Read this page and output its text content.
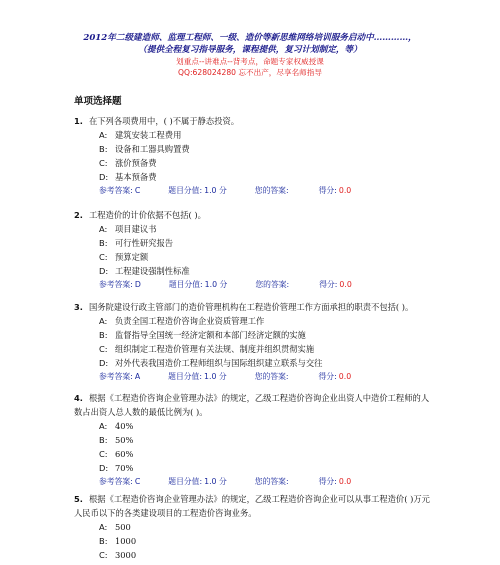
2012年二级建造师、监理工程师、一级、造价等新思维网络培训服务启动中…………，
（提供全程复习指导服务，课程提供，复习计划制定，等）
划重点--讲难点--背考点，命题专家权威授课
QQ:628024280 忘不出产，尽享名师指导
单项选择题
1. 在下列各项费用中，( )不属于静态投资。
A: 建筑安装工程费用
B: 设备和工器具购置费
C: 涨价预备费
D: 基本预备费
参考答案: C	题目分值: 1.0 分	您的答案:	得分: 0.0
2. 工程造价的计价依据不包括( )。
A: 项目建议书
B: 可行性研究报告
C: 预算定额
D: 工程建设强制性标准
参考答案: D	题目分值: 1.0 分	您的答案:	得分: 0.0
3. 国务院建设行政主管部门的造价管理机构在工程造价管理工作方面承担的职责不包括( )。
A: 负责全国工程造价咨询企业资质管理工作
B: 监督指导全国统一经济定额和本部门经济定额的实施
C: 组织制定工程造价管理有关法规、制度并组织贯彻实施
D: 对外代表我国造价工程师组织与国际组织建立联系与交往
参考答案: A	题目分值: 1.0 分	您的答案:	得分: 0.0
4. 根据《工程造价咨询企业管理办法》的规定，乙级工程造价咨询企业出资人中造价工程师的人数占出资人总人数的最低比例为( )。
A: 40%
B: 50%
C: 60%
D: 70%
参考答案: C	题目分值: 1.0 分	您的答案:	得分: 0.0
5. 根据《工程造价咨询企业管理办法》的规定，乙级工程造价咨询企业可以从事工程造价( )万元人民币以下的各类建设项目的工程造价咨询业务。
A: 500
B: 1000
C: 3000
